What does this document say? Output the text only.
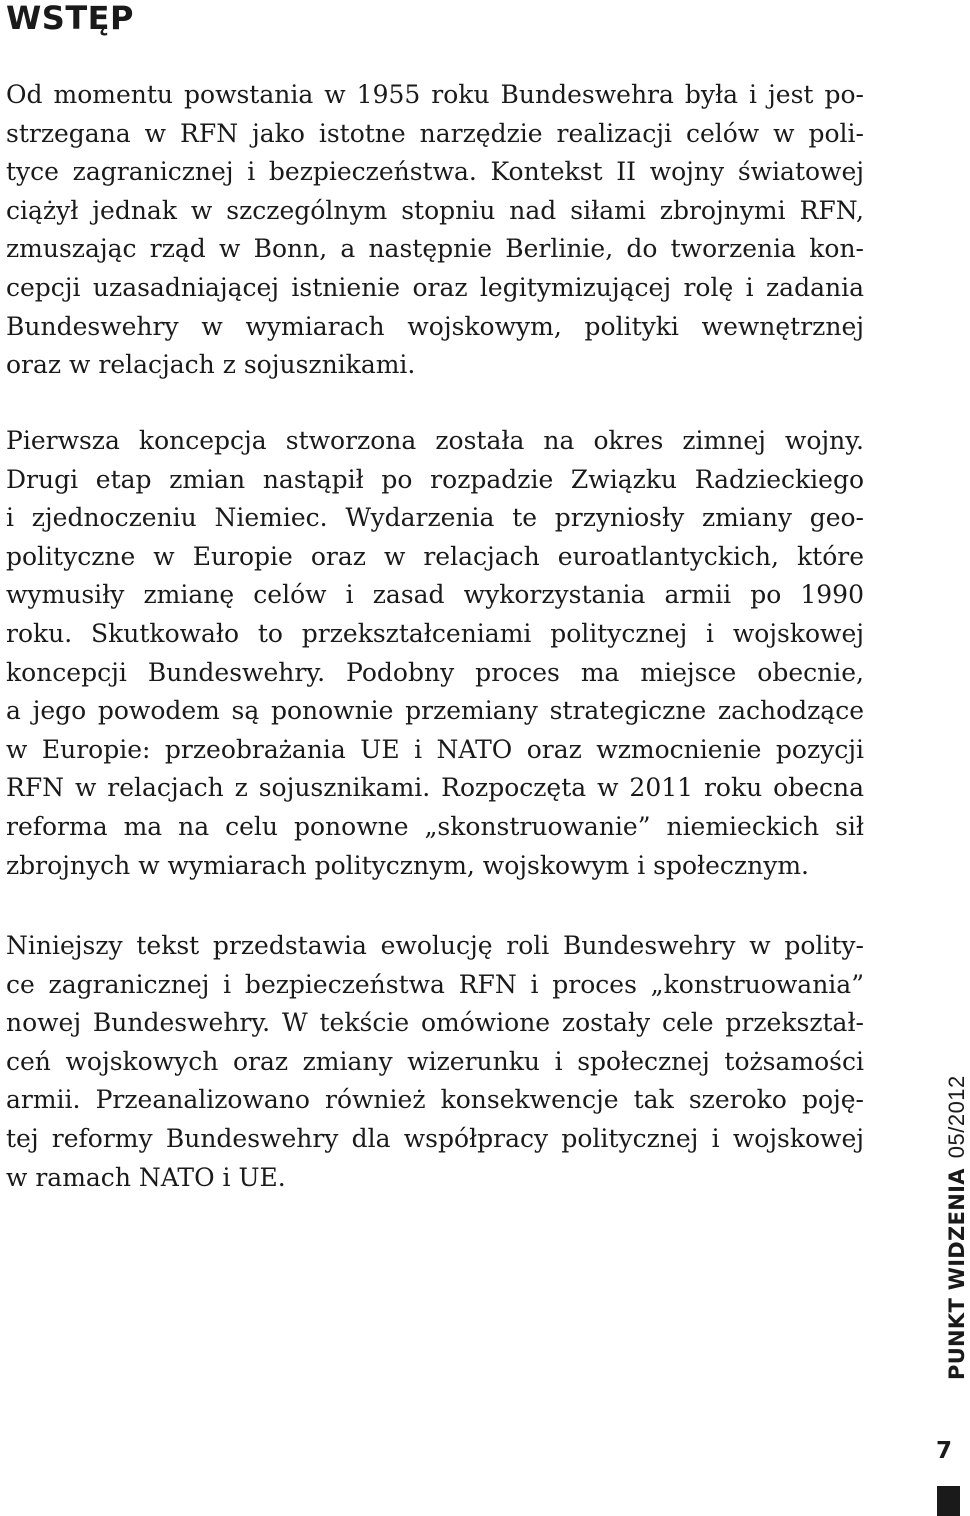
WSTĘP
Od momentu powstania w 1955 roku Bundeswehra była i jest po-
strzegana w RFN jako istotne narzędzie realizacji celów w poli-
tyce zagranicznej i bezpieczeństwa. Kontekst II wojny światowej
ciążył jednak w szczególnym stopniu nad siłami zbrojnymi RFN,
zmuszając rząd w Bonn, a następnie Berlinie, do tworzenia kon-
cepcji uzasadniającej istnienie oraz legitymizującej rolę i zadania
Bundeswehry w wymiarach wojskowym, polityki wewnętrznej
oraz w relacjach z sojusznikami.
Pierwsza koncepcja stworzona została na okres zimnej wojny.
Drugi etap zmian nastąpił po rozpadzie Związku Radzieckiego
i zjednoczeniu Niemiec. Wydarzenia te przyniosły zmiany geo-
polityczne w Europie oraz w relacjach euroatlantyckich, które
wymusiły zmianę celów i zasad wykorzystania armii po 1990
roku. Skutkowało to przekształceniami politycznej i wojskowej
koncepcji Bundeswehry. Podobny proces ma miejsce obecnie,
a jego powodem są ponownie przemiany strategiczne zachodzące
w Europie: przeobrażania UE i NATO oraz wzmocnienie pozycji
RFN w relacjach z sojusznikami. Rozpoczęta w 2011 roku obecna
reforma ma na celu ponowne „skonstruowanie” niemieckich sił
zbrojnych w wymiarach politycznym, wojskowym i społecznym.
Niniejszy tekst przedstawia ewolucję roli Bundeswehry w polity-
ce zagranicznej i bezpieczeństwa RFN i proces „konstruowania”
nowej Bundeswehry. W tekście omówione zostały cele przekształ-
ceń wojskowych oraz zmiany wizerunku i społecznej tożsamości
armii. Przeanalizowano również konsekwencje tak szeroko poję-
tej reformy Bundeswehry dla współpracy politycznej i wojskowej
w ramach NATO i UE.	PUNKT WIDZENIA05/2012
7
